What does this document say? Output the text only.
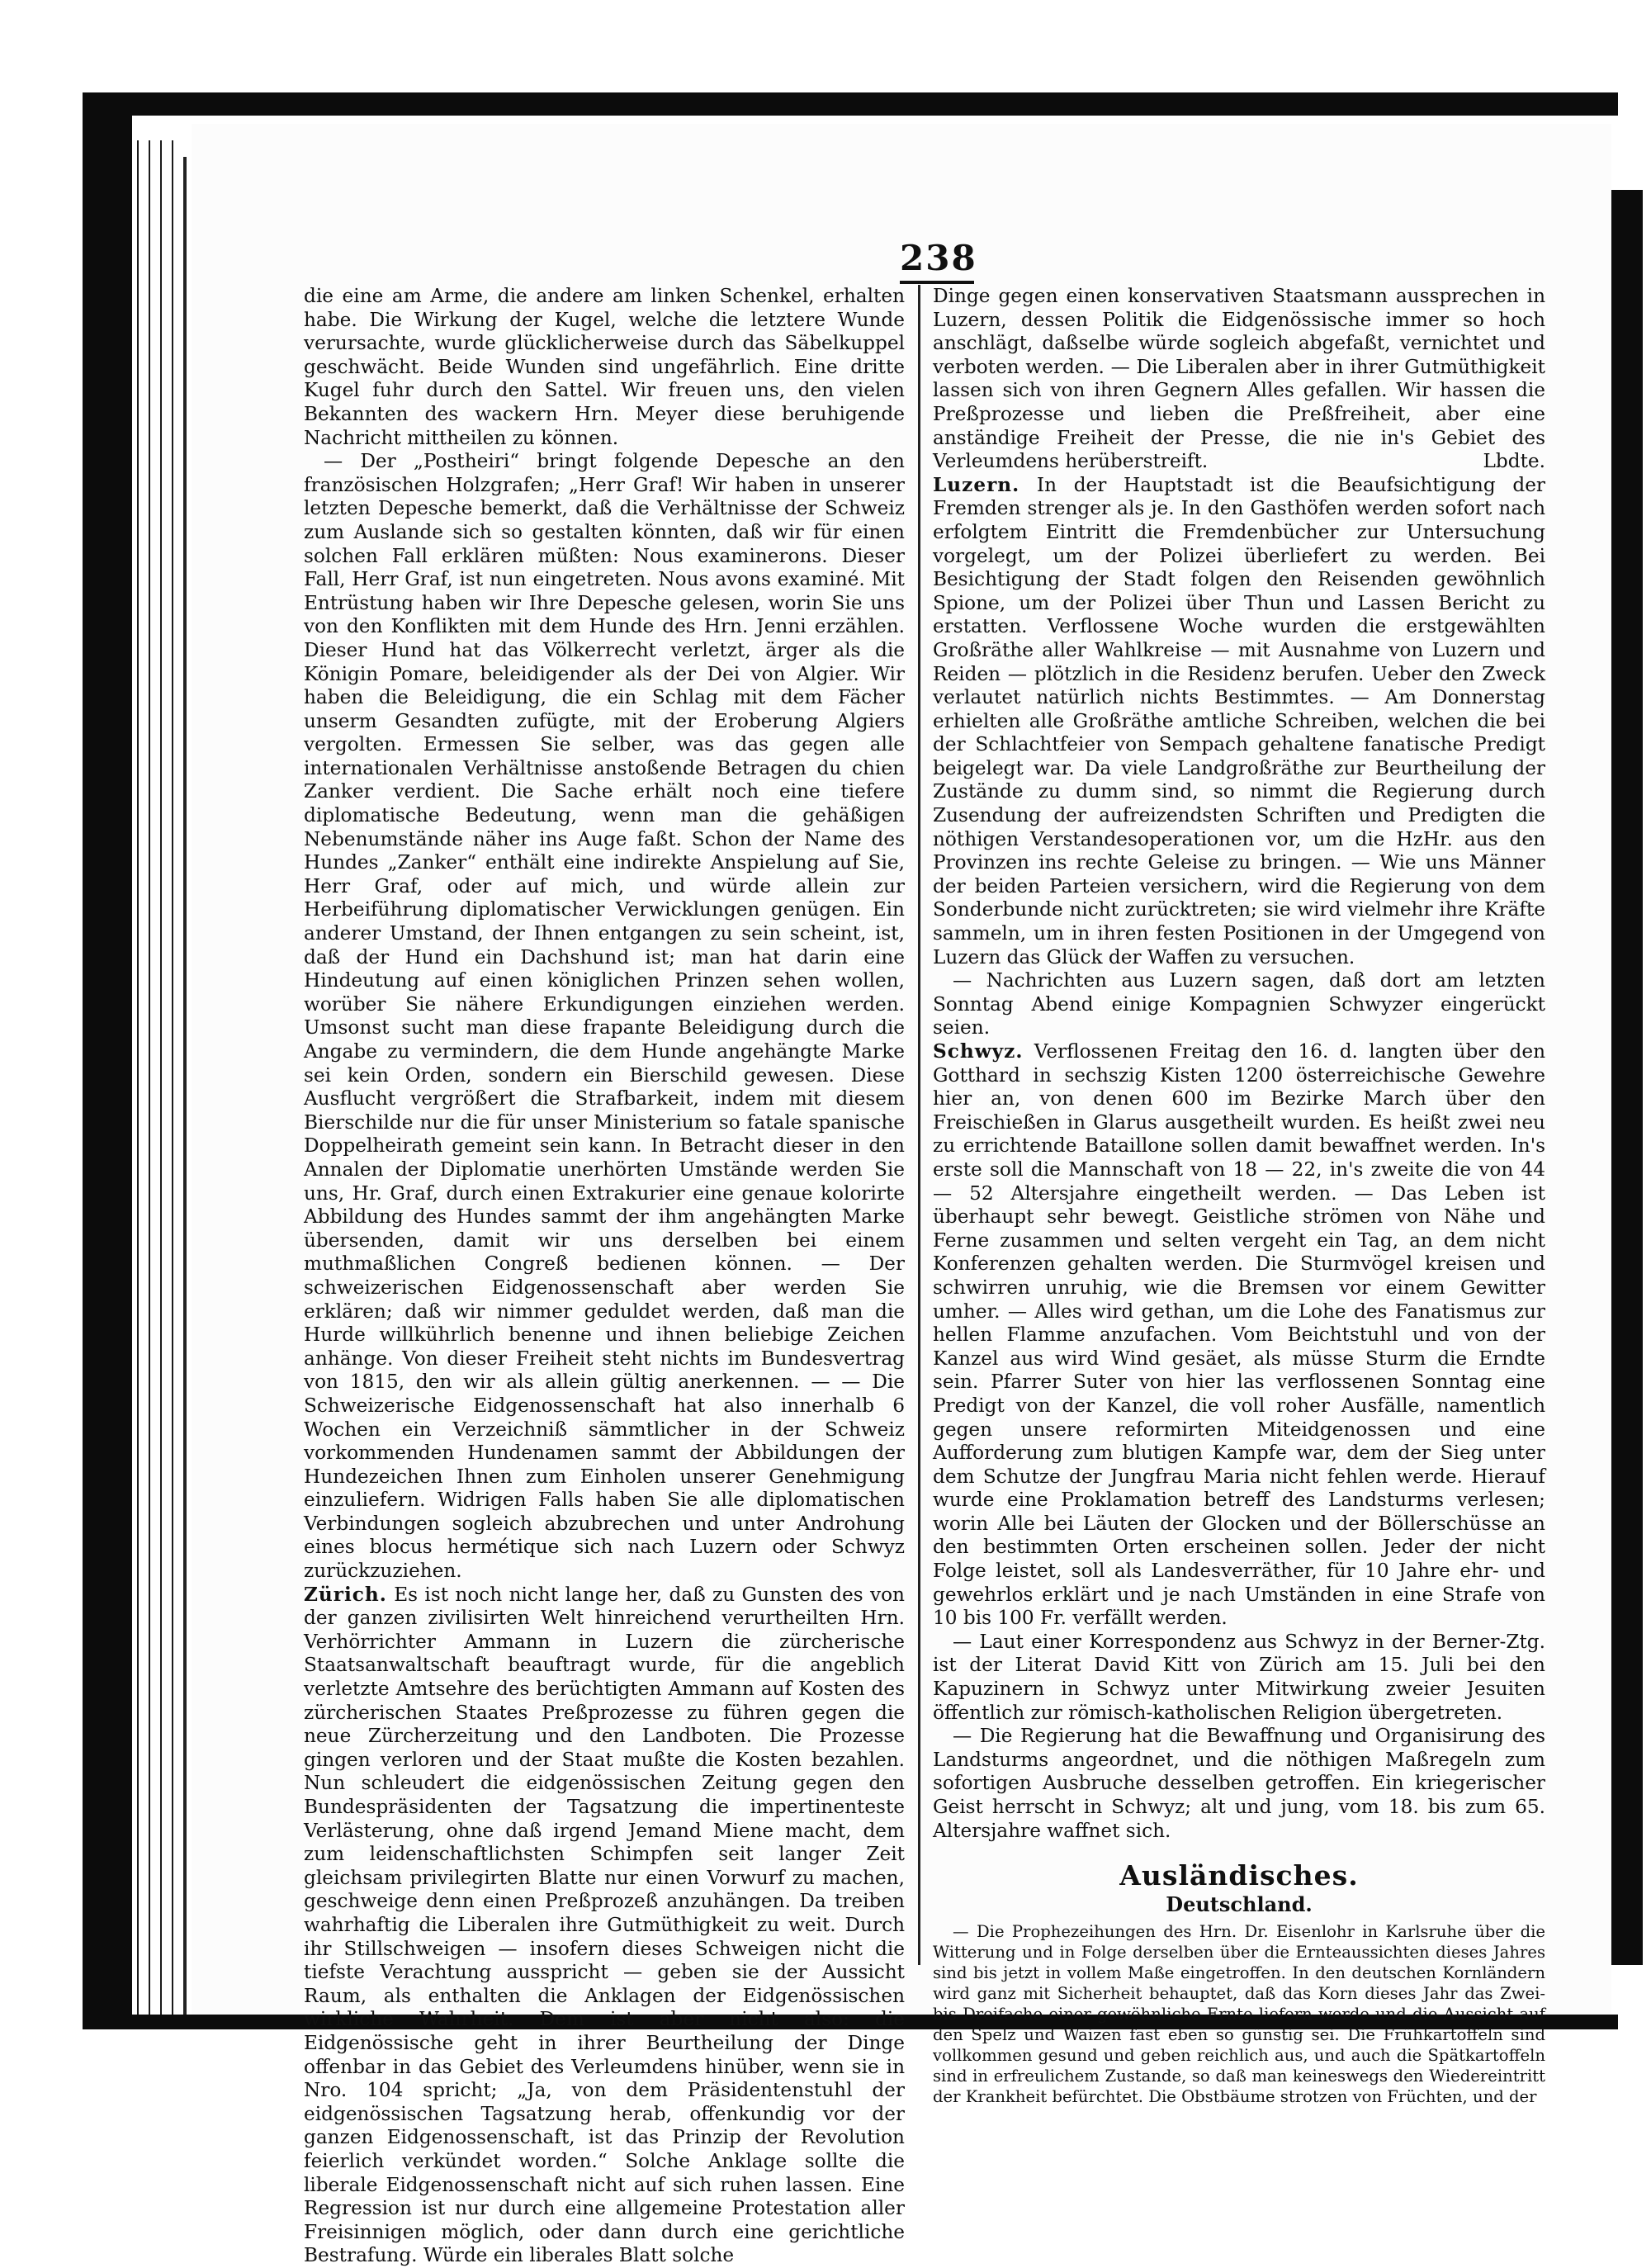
238

die eine am Arme, die andere am linken Schenkel, erhalten habe. Die Wirkung der Kugel, welche die letztere Wunde verursachte, wurde glücklicherweise durch das Säbelkuppel geschwächt. Beide Wunden sind ungefährlich. Eine dritte Kugel fuhr durch den Sattel. Wir freuen uns, den vielen Bekannten des wackern Hrn. Meyer diese beruhigende Nachricht mittheilen zu können.

— Der „Postheiri“ bringt folgende Depesche an den französischen Holzgrafen; „Herr Graf! Wir haben in unserer letzten Depesche bemerkt, daß die Verhältnisse der Schweiz zum Auslande sich so gestalten könnten, daß wir für einen solchen Fall erklären müßten: Nous examinerons. Dieser Fall, Herr Graf, ist nun eingetreten. Nous avons examiné. Mit Entrüstung haben wir Ihre Depesche gelesen, worin Sie uns von den Konflikten mit dem Hunde des Hrn. Jenni erzählen. Dieser Hund hat das Völkerrecht verletzt, ärger als die Königin Pomare, beleidigender als der Dei von Algier. Wir haben die Beleidigung, die ein Schlag mit dem Fächer unserm Gesandten zufügte, mit der Eroberung Algiers vergolten. Ermessen Sie selber, was das gegen alle internationalen Verhältnisse anstoßende Betragen du chien Zanker verdient. Die Sache erhält noch eine tiefere diplomatische Bedeutung, wenn man die gehäßigen Nebenumstände näher ins Auge faßt. Schon der Name des Hundes „Zanker“ enthält eine indirekte Anspielung auf Sie, Herr Graf, oder auf mich, und würde allein zur Herbeiführung diplomatischer Verwicklungen genügen. Ein anderer Umstand, der Ihnen entgangen zu sein scheint, ist, daß der Hund ein Dachshund ist; man hat darin eine Hindeutung auf einen königlichen Prinzen sehen wollen, worüber Sie nähere Erkundigungen einziehen werden. Umsonst sucht man diese frapante Beleidigung durch die Angabe zu vermindern, die dem Hunde angehängte Marke sei kein Orden, sondern ein Bierschild gewesen. Diese Ausflucht vergrößert die Strafbarkeit, indem mit diesem Bierschilde nur die für unser Ministerium so fatale spanische Doppelheirath gemeint sein kann. In Betracht dieser in den Annalen der Diplomatie unerhörten Umstände werden Sie uns, Hr. Graf, durch einen Extrakurier eine genaue kolorirte Abbildung des Hundes sammt der ihm angehängten Marke übersenden, damit wir uns derselben bei einem muthmaßlichen Congreß bedienen können. — Der schweizerischen Eidgenossenschaft aber werden Sie erklären; daß wir nimmer geduldet werden, daß man die Hurde willkührlich benenne und ihnen beliebige Zeichen anhänge. Von dieser Freiheit steht nichts im Bundesvertrag von 1815, den wir als allein gültig anerkennen. — — Die Schweizerische Eidgenossenschaft hat also innerhalb 6 Wochen ein Verzeichniß sämmtlicher in der Schweiz vorkommenden Hundenamen sammt der Abbildungen der Hundezeichen Ihnen zum Einholen unserer Genehmigung einzuliefern. Widrigen Falls haben Sie alle diplomatischen Verbindungen sogleich abzubrechen und unter Androhung eines blocus hermétique sich nach Luzern oder Schwyz zurückzuziehen.

Zürich. Es ist noch nicht lange her, daß zu Gunsten des von der ganzen zivilisirten Welt hinreichend verurtheilten Hrn. Verhörrichter Ammann in Luzern die zürcherische Staatsanwaltschaft beauftragt wurde, für die angeblich verletzte Amtsehre des berüchtigten Ammann auf Kosten des zürcherischen Staates Preßprozesse zu führen gegen die neue Zürcherzeitung und den Landboten. Die Prozesse gingen verloren und der Staat mußte die Kosten bezahlen. Nun schleudert die eidgenössischen Zeitung gegen den Bundespräsidenten der Tagsatzung die impertinenteste Verlästerung, ohne daß irgend Jemand Miene macht, dem zum leidenschaftlichsten Schimpfen seit langer Zeit gleichsam privilegirten Blatte nur einen Vorwurf zu machen, geschweige denn einen Preßprozeß anzuhängen. Da treiben wahrhaftig die Liberalen ihre Gutmüthigkeit zu weit. Durch ihr Stillschweigen — insofern dieses Schweigen nicht die tiefste Verachtung ausspricht — geben sie der Aussicht Raum, als enthalten die Anklagen der Eidgenössischen wirkliche Wahrheit. Dem ist aber nicht also: die Eidgenössische geht in ihrer Beurtheilung der Dinge offenbar in das Gebiet des Verleumdens hinüber, wenn sie in Nro. 104 spricht; „Ja, von dem Präsidentenstuhl der eidgenössischen Tagsatzung herab, offenkundig vor der ganzen Eidgenossenschaft, ist das Prinzip der Revolution feierlich verkündet worden.“ Solche Anklage sollte die liberale Eidgenossenschaft nicht auf sich ruhen lassen. Eine Regression ist nur durch eine allgemeine Protestation aller Freisinnigen möglich, oder dann durch eine gerichtliche Bestrafung. Würde ein liberales Blatt solche

Dinge gegen einen konservativen Staatsmann aussprechen in Luzern, dessen Politik die Eidgenössische immer so hoch anschlägt, daßselbe würde sogleich abgefaßt, vernichtet und verboten werden. — Die Liberalen aber in ihrer Gutmüthigkeit lassen sich von ihren Gegnern Alles gefallen. Wir hassen die Preßprozesse und lieben die Preßfreiheit, aber eine anständige Freiheit der Presse, die nie in's Gebiet des Verleumdens herüberstreift.	Lbdte.

Luzern. In der Hauptstadt ist die Beaufsichtigung der Fremden strenger als je. In den Gasthöfen werden sofort nach erfolgtem Eintritt die Fremdenbücher zur Untersuchung vorgelegt, um der Polizei überliefert zu werden. Bei Besichtigung der Stadt folgen den Reisenden gewöhnlich Spione, um der Polizei über Thun und Lassen Bericht zu erstatten. Verflossene Woche wurden die erstgewählten Großräthe aller Wahlkreise — mit Ausnahme von Luzern und Reiden — plötzlich in die Residenz berufen. Ueber den Zweck verlautet natürlich nichts Bestimmtes. — Am Donnerstag erhielten alle Großräthe amtliche Schreiben, welchen die bei der Schlachtfeier von Sempach gehaltene fanatische Predigt beigelegt war. Da viele Landgroßräthe zur Beurtheilung der Zustände zu dumm sind, so nimmt die Regierung durch Zusendung der aufreizendsten Schriften und Predigten die nöthigen Verstandesoperationen vor, um die HzHr. aus den Provinzen ins rechte Geleise zu bringen. — Wie uns Männer der beiden Parteien versichern, wird die Regierung von dem Sonderbunde nicht zurücktreten; sie wird vielmehr ihre Kräfte sammeln, um in ihren festen Positionen in der Umgegend von Luzern das Glück der Waffen zu versuchen.

— Nachrichten aus Luzern sagen, daß dort am letzten Sonntag Abend einige Kompagnien Schwyzer eingerückt seien.

Schwyz. Verflossenen Freitag den 16. d. langten über den Gotthard in sechszig Kisten 1200 österreichische Gewehre hier an, von denen 600 im Bezirke March über den Freischießen in Glarus ausgetheilt wurden. Es heißt zwei neu zu errichtende Bataillone sollen damit bewaffnet werden. In's erste soll die Mannschaft von 18 — 22, in's zweite die von 44 — 52 Altersjahre eingetheilt werden. — Das Leben ist überhaupt sehr bewegt. Geistliche strömen von Nähe und Ferne zusammen und selten vergeht ein Tag, an dem nicht Konferenzen gehalten werden. Die Sturmvögel kreisen und schwirren unruhig, wie die Bremsen vor einem Gewitter umher. — Alles wird gethan, um die Lohe des Fanatismus zur hellen Flamme anzufachen. Vom Beichtstuhl und von der Kanzel aus wird Wind gesäet, als müsse Sturm die Erndte sein. Pfarrer Suter von hier las verflossenen Sonntag eine Predigt von der Kanzel, die voll roher Ausfälle, namentlich gegen unsere reformirten Miteidgenossen und eine Aufforderung zum blutigen Kampfe war, dem der Sieg unter dem Schutze der Jungfrau Maria nicht fehlen werde. Hierauf wurde eine Proklamation betreff des Landsturms verlesen; worin Alle bei Läuten der Glocken und der Böllerschüsse an den bestimmten Orten erscheinen sollen. Jeder der nicht Folge leistet, soll als Landesverräther, für 10 Jahre ehr- und gewehrlos erklärt und je nach Umständen in eine Strafe von 10 bis 100 Fr. verfällt werden.

— Laut einer Korrespondenz aus Schwyz in der Berner-Ztg. ist der Literat David Kitt von Zürich am 15. Juli bei den Kapuzinern in Schwyz unter Mitwirkung zweier Jesuiten öffentlich zur römisch-katholischen Religion übergetreten.

— Die Regierung hat die Bewaffnung und Organisirung des Landsturms angeordnet, und die nöthigen Maßregeln zum sofortigen Ausbruche desselben getroffen. Ein kriegerischer Geist herrscht in Schwyz; alt und jung, vom 18. bis zum 65. Altersjahre waffnet sich.

Ausländisches.
Deutschland.

— Die Prophezeihungen des Hrn. Dr. Eisenlohr in Karlsruhe über die Witterung und in Folge derselben über die Ernteaussichten dieses Jahres sind bis jetzt in vollem Maße eingetroffen. In den deutschen Kornländern wird ganz mit Sicherheit behauptet, daß das Korn dieses Jahr das Zwei- bis Dreifache einer gewöhnliche Ernte liefern werde und die Aussicht auf den Spelz und Waizen fast eben so günstig sei. Die Frühkartoffeln sind vollkommen gesund und geben reichlich aus, und auch die Spätkartoffeln sind in erfreulichem Zustande, so daß man keineswegs den Wiedereintritt der Krankheit befürchtet. Die Obstbäume strotzen von Früchten, und der
